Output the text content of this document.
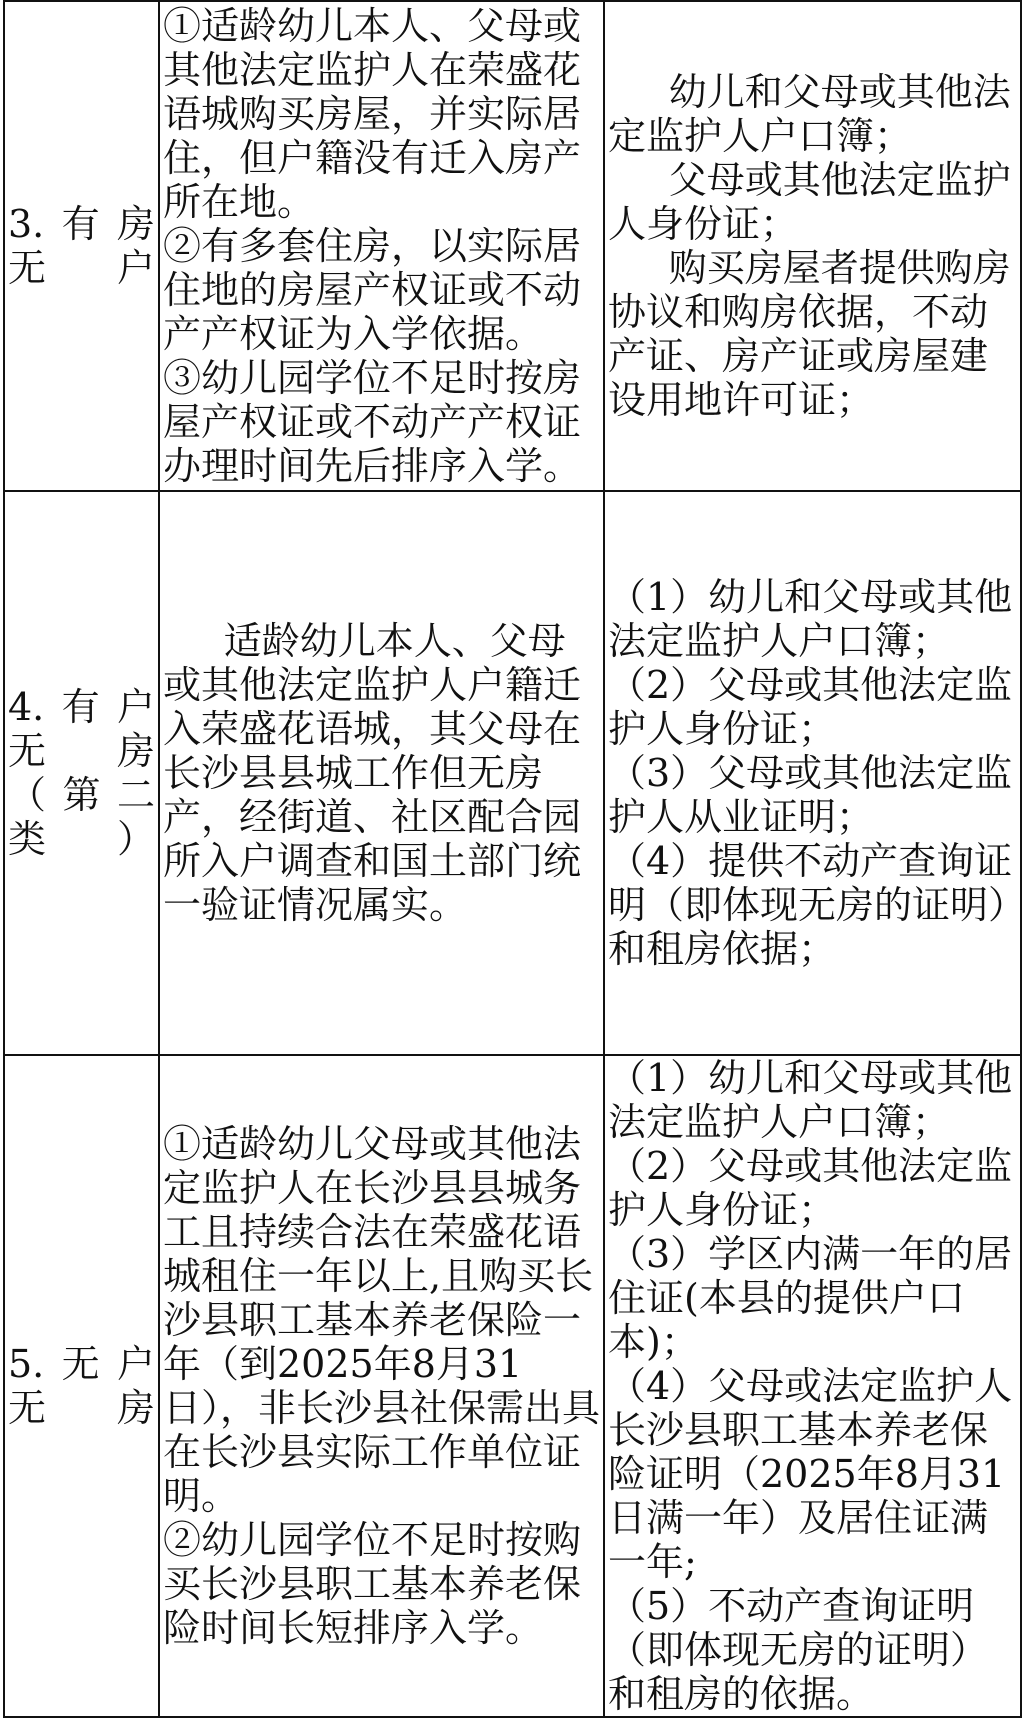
3.有房无户	①适龄幼儿本人、父母或其他法定监护人在荣盛花语城购买房屋，并实际居住，但户籍没有迁入房产所在地。
②有多套住房，以实际居住地的房屋产权证或不动产产权证为入学依据。
③幼儿园学位不足时按房屋产权证或不动产产权证办理时间先后排序入学。	幼儿和父母或其他法定监护人户口簿；
父母或其他法定监护人身份证；
购买房屋者提供购房协议和购房依据，不动产证、房产证或房屋建设用地许可证；

4.有户无房（第二类）	适龄幼儿本人、父母或其他法定监护人户籍迁入荣盛花语城，其父母在长沙县县城工作但无房产，经街道、社区配合园所入户调查和国土部门统一验证情况属实。	（1）幼儿和父母或其他法定监护人户口簿；
（2）父母或其他法定监护人身份证；
（3）父母或其他法定监护人从业证明；
（4）提供不动产查询证明（即体现无房的证明）和租房依据；

5.无户无房	①适龄幼儿父母或其他法定监护人在长沙县县城务工且持续合法在荣盛花语城租住一年以上,且购买长沙县职工基本养老保险一年（到2025年8月31日），非长沙县社保需出具在长沙县实际工作单位证明。
②幼儿园学位不足时按购买长沙县职工基本养老保险时间长短排序入学。	（1）幼儿和父母或其他法定监护人户口簿；
（2）父母或其他法定监护人身份证；
（3）学区内满一年的居住证(本县的提供户口本)；
（4）父母或法定监护人长沙县职工基本养老保险证明（2025年8月31日满一年）及居住证满一年;
（5）不动产查询证明（即体现无房的证明）和租房的依据。
